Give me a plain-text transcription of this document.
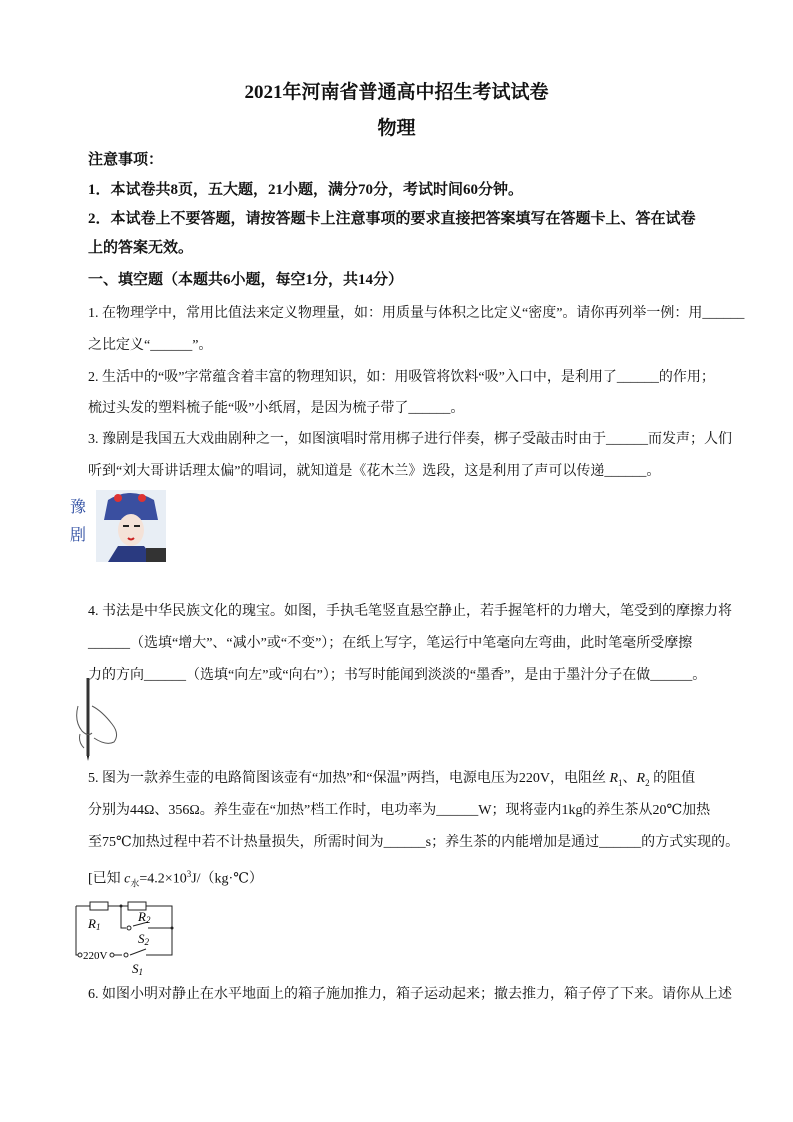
2021年河南省普通高中招生考试试卷
物理
注意事项：
1．本试卷共8页，五大题，21小题，满分70分，考试时间60分钟。
2．本试卷上不要答题，请按答题卡上注意事项的要求直接把答案填写在答题卡上、答在试卷
上的答案无效。
一、填空题（本题共6小题，每空1分，共14分）
1. 在物理学中，常用比值法来定义物理量，如：用质量与体积之比定义“密度”。请你再列举一例：用______
之比定义“______”。
2. 生活中的“吸”字常蕴含着丰富的物理知识，如：用吸管将饮料“吸”入口中，是利用了______的作用；
梳过头发的塑料梳子能“吸”小纸屑，是因为梳子带了______。
3. 豫剧是我国五大戏曲剧种之一，如图演唱时常用梆子进行伴奏，梆子受敲击时由于______而发声；人们
听到“刘大哥讲话理太偏”的唱词，就知道是《花木兰》选段，这是利用了声可以传递______。
豫
剧
4. 书法是中华民族文化的瑰宝。如图，手执毛笔竖直悬空静止，若手握笔杆的力增大，笔受到的摩擦力将
______（选填“增大”、“减小”或“不变”）；在纸上写字，笔运行中笔毫向左弯曲，此时笔毫所受摩擦
力的方向______（选填“向左”或“向右”）；书写时能闻到淡淡的“墨香”，是由于墨汁分子在做______。
5. 图为一款养生壶的电路简图该壶有“加热”和“保温”两挡，电源电压为220V，电阻丝 $R_1$、$R_2$ 的阻值
分别为44Ω、356Ω。养生壶在“加热”档工作时，电功率为______W；现将壶内1kg的养生茶从20℃加热
至75℃加热过程中若不计热量损失，所需时间为______s；养生茶的内能增加是通过______的方式实现的。
[已知 $c_水=4.2\times 10^3J/(kg\cdot℃)$
R1
R2
S2
220V
S1
6. 如图小明对静止在水平地面上的箱子施加推力，箱子运动起来；撤去推力，箱子停了下来。请你从上述
